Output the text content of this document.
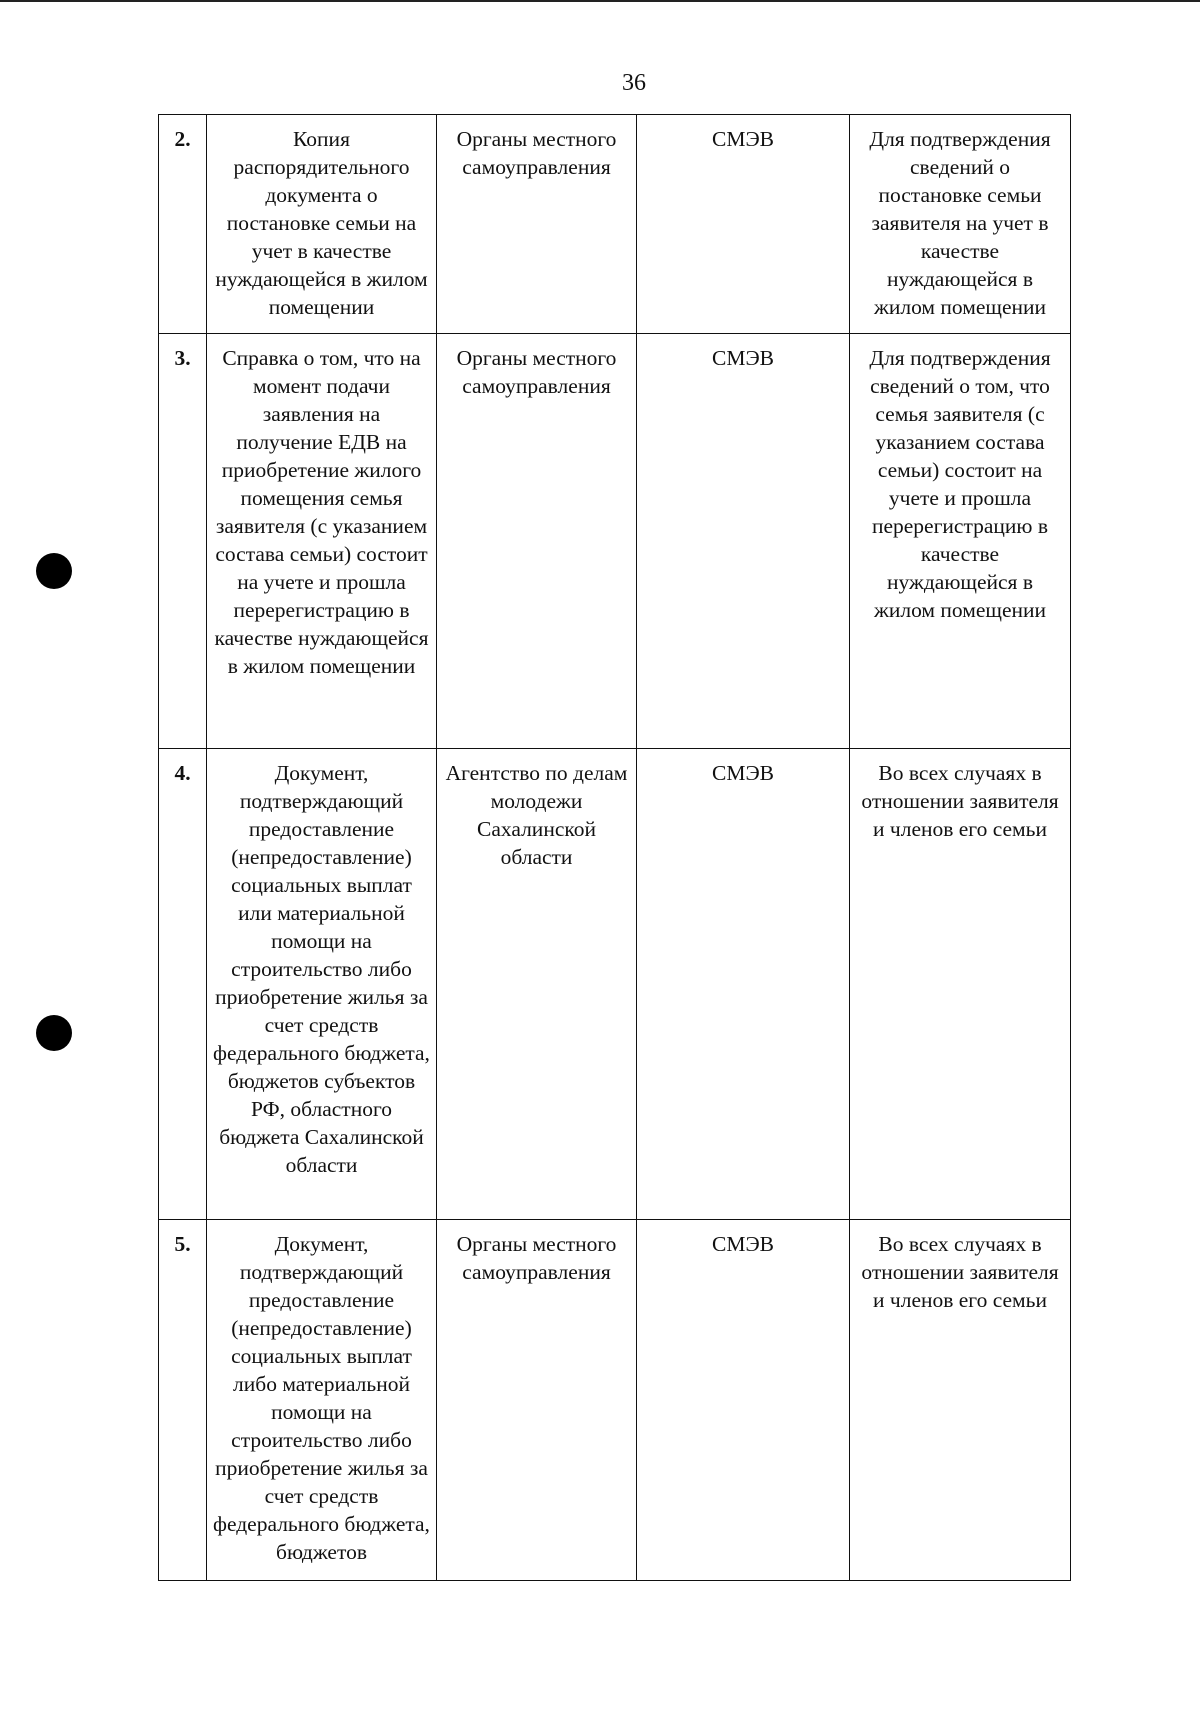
36
2.	Копия распорядительного документа о постановке семьи на учет в качестве нуждающейся в жилом помещении	Органы местного самоуправления	СМЭВ	Для подтверждения сведений о постановке семьи заявителя на учет в качестве нуждающейся в жилом помещении
3.	Справка о том, что на момент подачи заявления на получение ЕДВ на приобретение жилого помещения семья заявителя (с указанием состава семьи) состоит на учете и прошла перерегистрацию в качестве нуждающейся в жилом помещении	Органы местного самоуправления	СМЭВ	Для подтверждения сведений о том, что семья заявителя (с указанием состава семьи) состоит на учете и прошла перерегистрацию в качестве нуждающейся в жилом помещении
4.	Документ, подтверждающий предоставление (непредоставление) социальных выплат или материальной помощи на строительство либо приобретение жилья за счет средств федерального бюджета, бюджетов субъектов РФ, областного бюджета Сахалинской области	Агентство по делам молодежи Сахалинской области	СМЭВ	Во всех случаях в отношении заявителя и членов его семьи
5.	Документ, подтверждающий предоставление (непредоставление) социальных выплат либо материальной помощи на строительство либо приобретение жилья за счет средств федерального бюджета, бюджетов	Органы местного самоуправления	СМЭВ	Во всех случаях в отношении заявителя и членов его семьи
